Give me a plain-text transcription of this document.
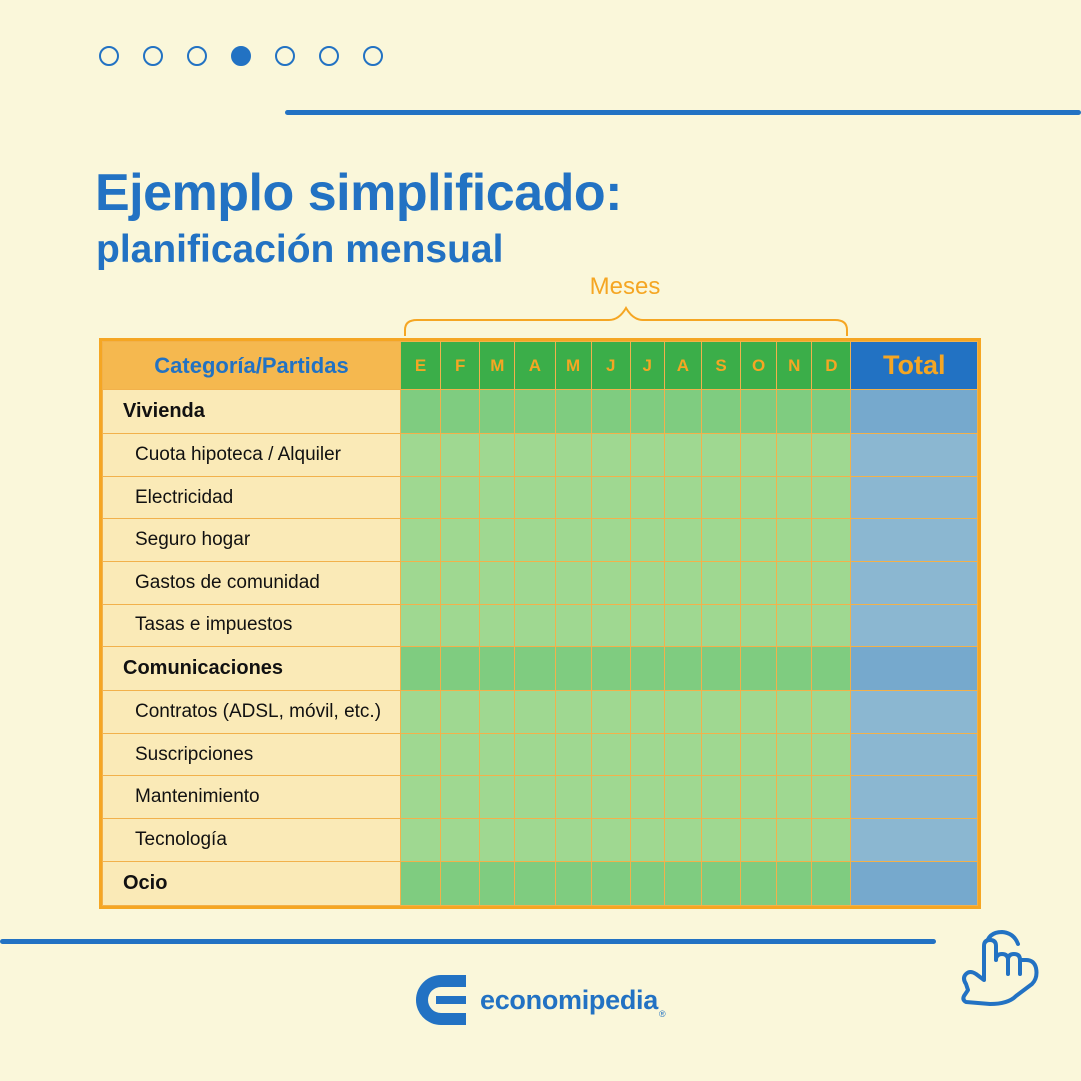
Ejemplo simplificado:
planificación mensual
Meses
Categoría/Partidas	E	F	M	A	M	J	J	A	S	O	N	D	Total
Vivienda													
Cuota hipoteca / Alquiler													
Electricidad													
Seguro hogar													
Gastos de comunidad													
Tasas e impuestos													
Comunicaciones													
Contratos (ADSL, móvil, etc.)													
Suscripciones													
Mantenimiento													
Tecnología													
Ocio													
economipedia ®
